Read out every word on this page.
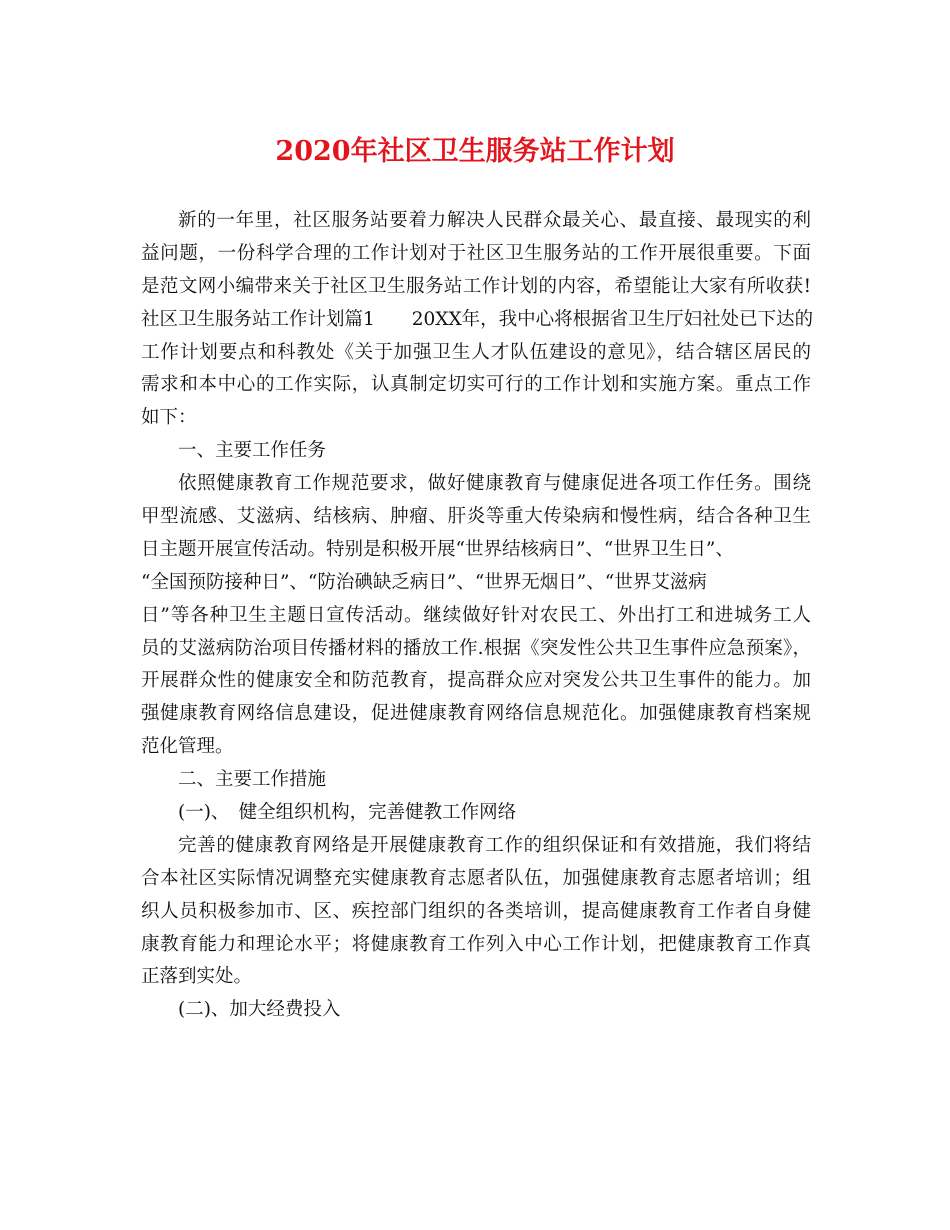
2020年社区卫生服务站工作计划
新的一年里，社区服务站要着力解决人民群众最关心、最直接、最现实的利
益问题，一份科学合理的工作计划对于社区卫生服务站的工作开展很重要。下面
是范文网小编带来关于社区卫生服务站工作计划的内容，希望能让大家有所收获!
社区卫生服务站工作计划篇1　　20XX年，我中心将根据省卫生厅妇社处已下达的
工作计划要点和科教处《关于加强卫生人才队伍建设的意见》，结合辖区居民的
需求和本中心的工作实际，认真制定切实可行的工作计划和实施方案。重点工作
如下：
一、主要工作任务
依照健康教育工作规范要求，做好健康教育与健康促进各项工作任务。围绕
甲型流感、艾滋病、结核病、肿瘤、肝炎等重大传染病和慢性病，结合各种卫生
日主题开展宣传活动。特别是积极开展“世界结核病日”、“世界卫生日”、
“全国预防接种日”、“防治碘缺乏病日”、“世界无烟日”、“世界艾滋病
日”等各种卫生主题日宣传活动。继续做好针对农民工、外出打工和进城务工人
员的艾滋病防治项目传播材料的播放工作.根据《突发性公共卫生事件应急预案》，
开展群众性的健康安全和防范教育，提高群众应对突发公共卫生事件的能力。加
强健康教育网络信息建设，促进健康教育网络信息规范化。加强健康教育档案规
范化管理。
二、主要工作措施
(一)、　健全组织机构，完善健教工作网络
完善的健康教育网络是开展健康教育工作的组织保证和有效措施，我们将结
合本社区实际情况调整充实健康教育志愿者队伍，加强健康教育志愿者培训；组
织人员积极参加市、区、疾控部门组织的各类培训，提高健康教育工作者自身健
康教育能力和理论水平；将健康教育工作列入中心工作计划，把健康教育工作真
正落到实处。
(二)、加大经费投入
